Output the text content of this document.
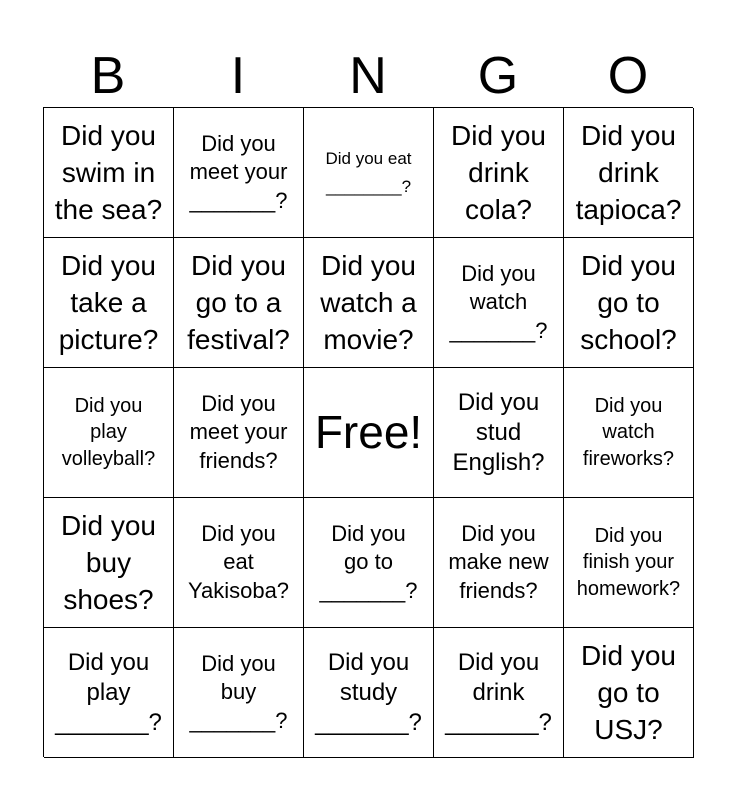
B	I	N	G	O
Did you
swim in
the sea?
Did you
meet your
_______?
Did you eat
________?
Did you
drink
cola?
Did you
drink
tapioca?
Did you
take a
picture?
Did you
go to a
festival?
Did you
watch a
movie?
Did you
watch
_______?
Did you
go to
school?
Did you
play
volleyball?
Did you
meet your
friends?
Free!
Did you
stud
English?
Did you
watch
fireworks?
Did you
buy
shoes?
Did you
eat
Yakisoba?
Did you
go to
_______?
Did you
make new
friends?
Did you
finish your
homework?
Did you
play
_______?
Did you
buy
_______?
Did you
study
_______?
Did you
drink
_______?
Did you
go to
USJ?
